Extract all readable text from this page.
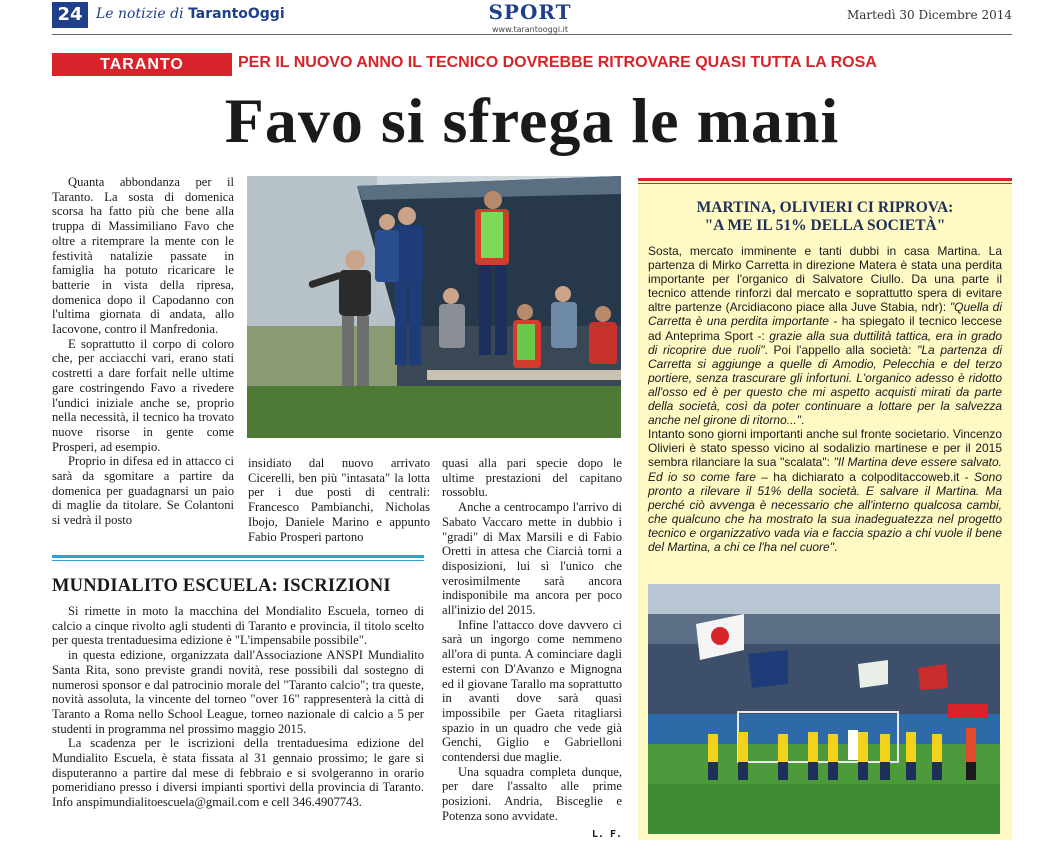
24 Le notizie di TarantoOggi	SPORT
www.tarantooggi.it
Martedì 30 Dicembre 2014
TARANTO	PER IL NUOVO ANNO IL TECNICO DOVREBBE RITROVARE QUASI TUTTA LA ROSA
Favo si sfrega le mani

Quanta abbondanza per il Taranto. La sosta di domenica scorsa ha fatto più che bene alla truppa di Massimiliano Favo che oltre a ritemprare la mente con le festività natalizie passate in famiglia ha potuto ricaricare le batterie in vista della ripresa, domenica dopo il Capodanno con l'ultima giornata di andata, allo Iacovone, contro il Manfredonia.

E soprattutto il corpo di coloro che, per acciacchi vari, erano stati costretti a dare forfait nelle ultime gare costringendo Favo a rivedere l'undici iniziale anche se, proprio nella necessità, il tecnico ha trovato nuove risorse in gente come Prosperi, ad esempio.

Proprio in difesa ed in attacco ci sarà da sgomitare a partire da domenica per guadagnarsi un paio di maglie da titolare. Se Colantoni si vedrà il posto

insidiato dal nuovo arrivato Cicerelli, ben più "intasata" la lotta per i due posti di centrali: Francesco Pambianchi, Nicholas Ibojo, Daniele Marino e appunto Fabio Prosperi partono

quasi alla pari specie dopo le ultime prestazioni del capitano rossoblu.

Anche a centrocampo l'arrivo di Sabato Vaccaro mette in dubbio i "gradi" di Max Marsili e di Fabio Oretti in attesa che Ciarcià torni a disposizioni, lui sì l'unico che verosimilmente sarà ancora indisponibile ma ancora per poco all'inizio del 2015.

Infine l'attacco dove davvero ci sarà un ingorgo come nemmeno all'ora di punta. A cominciare dagli esterni con D'Avanzo e Mignogna ed il giovane Tarallo ma soprattutto in avanti dove sarà quasi impossibile per Gaeta ritagliarsi spazio in un quadro che vede già Genchi, Giglio e Gabrielloni contendersi due maglie.

Una squadra completa dunque, per dare l'assalto alle prime posizioni. Andria, Bisceglie e Potenza sono avvidate.

L. F.
MUNDIALITO ESCUELA: ISCRIZIONI

Si rimette in moto la macchina del Mondialito Escuela, torneo di calcio a cinque rivolto agli studenti di Taranto e provincia, il titolo scelto per questa trentaduesima edizione è "L'impensabile possibile".

in questa edizione, organizzata dall'Associazione ANSPI Mundialito Santa Rita, sono previste grandi novità, rese possibili dal sostegno di numerosi sponsor e dal patrocinio morale del "Taranto calcio"; tra queste, novità assoluta, la vincente del torneo "over 16" rappresenterà la città di Taranto a Roma nello School League, torneo nazionale di calcio a 5 per studenti in programma nel prossimo maggio 2015.

La scadenza per le iscrizioni della trentaduesima edizione del Mundialito Escuela, è stata fissata al 31 gennaio prossimo; le gare si disputeranno a partire dal mese di febbraio e si svolgeranno in orario pomeridiano presso i diversi impianti sportivi della provincia di Taranto. Info anspimundialitoescuela@gmail.com e cell 346.4907743.

MARTINA, OLIVIERI CI RIPROVA:
"A ME IL 51% DELLA SOCIETÀ"
Sosta, mercato imminente e tanti dubbi in casa Martina. La partenza di Mirko Carretta in direzione Matera è stata una perdita importante per l'organico di Salvatore Ciullo. Da una parte il tecnico attende rinforzi dal mercato e soprattutto spera di evitare altre partenze (Arcidiacono piace alla Juve Stabia, ndr): "Quella di Carretta è una perdita importante - ha spiegato il tecnico leccese ad Anteprima Sport -: grazie alla sua duttilità tattica, era in grado di ricoprire due ruoli". Poi l'appello alla società: "La partenza di Carretta si aggiunge a quelle di Amodio, Pelecchia e del terzo portiere, senza trascurare gli infortuni. L'organico adesso è ridotto all'osso ed è per questo che mi aspetto acquisti mirati da parte della società, così da poter continuare a lottare per la salvezza anche nel girone di ritorno...".
Intanto sono giorni importanti anche sul fronte societario. Vincenzo Olivieri è stato spesso vicino al sodalizio martinese e per il 2015 sembra rilanciare la sua "scalata": "Il Martina deve essere salvato. Ed io so come fare – ha dichiarato a colpoditaccoweb.it - Sono pronto a rilevare il 51% della società. E salvare il Martina. Ma perché ciò avvenga è necessario che all'interno qualcosa cambi, che qualcuno che ha mostrato la sua inadeguatezza nel progetto tecnico e organizzativo vada via e faccia spazio a chi vuole il bene del Martina, a chi ce l'ha nel cuore".
